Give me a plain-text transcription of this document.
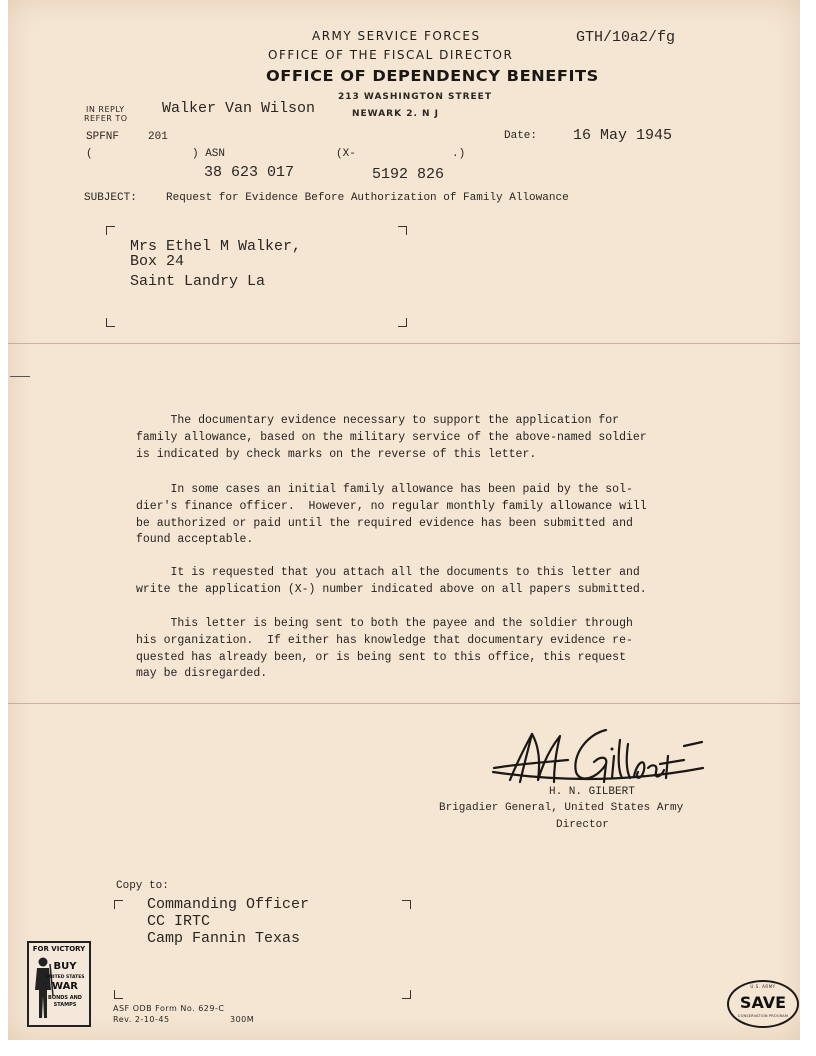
ARMY SERVICE FORCES
OFFICE OF THE FISCAL DIRECTOR
OFFICE OF DEPENDENCY BENEFITS
213 WASHINGTON STREET
NEWARK 2. N J
GTH/10a2/fg
IN REPLY
REFER TO
Walker Van Wilson
SPFNF	201
(	) ASN
38 623 017
(X-	.)
5192 826
Date: 16 May 1945
SUBJECT:	Request for Evidence Before Authorization of Family Allowance
Mrs Ethel M Walker,
Box 24
Saint Landry La
The documentary evidence necessary to support the application for
family allowance, based on the military service of the above-named soldier
is indicated by check marks on the reverse of this letter.
In some cases an initial family allowance has been paid by the sol-
dier's finance officer.  However, no regular monthly family allowance will
be authorized or paid until the required evidence has been submitted and
found acceptable.
It is requested that you attach all the documents to this letter and
write the application (X-) number indicated above on all papers submitted.
This letter is being sent to both the payee and the soldier through
his organization.  If either has knowledge that documentary evidence re-
quested has already been, or is being sent to this office, this request
may be disregarded.
H. N. GILBERT
Brigadier General, United States Army
Director
Copy to:
Commanding Officer
CC IRTC
Camp Fannin Texas
ASF ODB Form No. 629-C
Rev. 2-10-45	300M
FOR VICTORY
BUY
UNITED STATES
WAR
BONDS AND STAMPS
U.S. ARMY
SAVE
CONSERVATION PROGRAM
